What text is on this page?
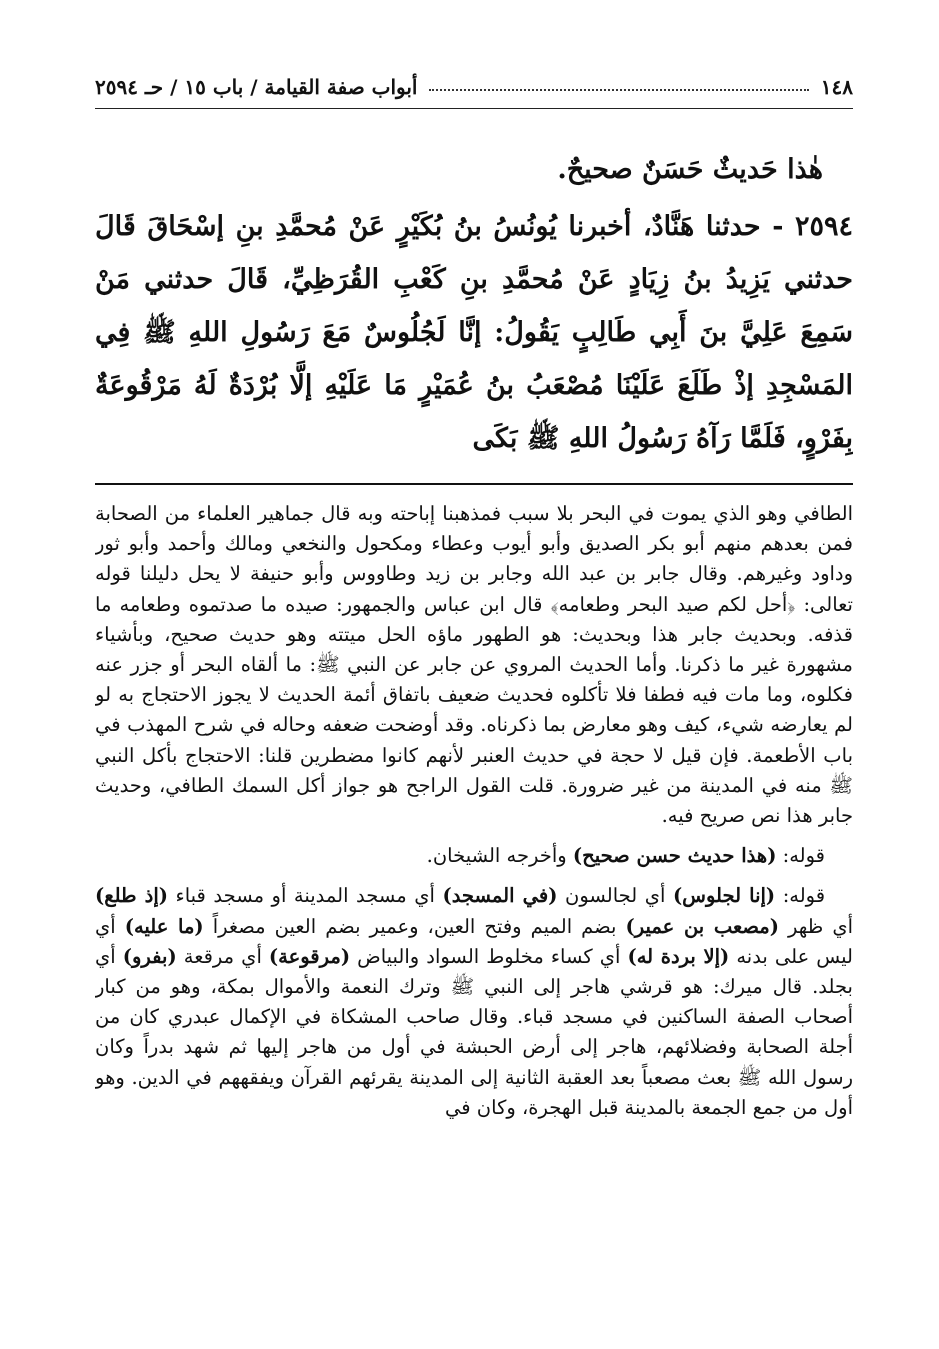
١٤٨
أبواب صفة القيامة / باب ١٥ / حـ ٢٥٩٤

هٰذا حَديثٌ حَسَنٌ صحيحٌ.

٢٥٩٤ - حدثنا هَنَّادٌ، أخبرنا يُونُسُ بنُ بُكَيْرٍ عَنْ مُحمَّدِ بنِ إسْحَاقَ قَالَ حدثني يَزِيدُ بنُ زِيَادٍ عَنْ مُحمَّدِ بنِ كَعْبِ القُرَظِيِّ، قَالَ حدثني مَنْ سَمِعَ عَلِيَّ بنَ أَبِي طَالِبٍ يَقُولُ: إنَّا لَجُلُوسٌ مَعَ رَسُولِ اللهِ ﷺ فِي المَسْجِدِ إذْ طَلَعَ عَلَيْنَا مُصْعَبُ بنُ عُمَيْرٍ مَا عَلَيْهِ إلَّا بُرْدَةٌ لَهُ مَرْقُوعَةٌ بِفَرْوٍ، فَلَمَّا رَآهُ رَسُولُ اللهِ ﷺ بَكَى

الطافي وهو الذي يموت في البحر بلا سبب فمذهبنا إباحته وبه قال جماهير العلماء من الصحابة فمن بعدهم منهم أبو بكر الصديق وأبو أيوب وعطاء ومكحول والنخعي ومالك وأحمد وأبو ثور وداود وغيرهم. وقال جابر بن عبد الله وجابر بن زيد وطاووس وأبو حنيفة لا يحل دليلنا قوله تعالى: ﴿أحل لكم صيد البحر وطعامه﴾ قال ابن عباس والجمهور: صيده ما صدتموه وطعامه ما قذفه. وبحديث جابر هذا وبحديث: هو الطهور ماؤه الحل ميتته وهو حديث صحيح، وبأشياء مشهورة غير ما ذكرنا. وأما الحديث المروي عن جابر عن النبي ﷺ: ما ألقاه البحر أو جزر عنه فكلوه، وما مات فيه فطفا فلا تأكلوه فحديث ضعيف باتفاق أئمة الحديث لا يجوز الاحتجاج به لو لم يعارضه شيء، كيف وهو معارض بما ذكرناه. وقد أوضحت ضعفه وحاله في شرح المهذب في باب الأطعمة. فإن قيل لا حجة في حديث العنبر لأنهم كانوا مضطرين قلنا: الاحتجاج بأكل النبي ﷺ منه في المدينة من غير ضرورة. قلت القول الراجح هو جواز أكل السمك الطافي، وحديث جابر هذا نص صريح فيه.

قوله: (هذا حديث حسن صحيح) وأخرجه الشيخان.

قوله: (إنا لجلوس) أي لجالسون (في المسجد) أي مسجد المدينة أو مسجد قباء (إذ طلع) أي ظهر (مصعب بن عمير) بضم الميم وفتح العين، وعمير بضم العين مصغراً (ما عليه) أي ليس على بدنه (إلا بردة له) أي كساء مخلوط السواد والبياض (مرقوعة) أي مرقعة (بفرو) أي بجلد. قال ميرك: هو قرشي هاجر إلى النبي ﷺ وترك النعمة والأموال بمكة، وهو من كبار أصحاب الصفة الساكنين في مسجد قباء. وقال صاحب المشكاة في الإكمال عبدري كان من أجلة الصحابة وفضلائهم، هاجر إلى أرض الحبشة في أول من هاجر إليها ثم شهد بدراً وكان رسول الله ﷺ بعث مصعباً بعد العقبة الثانية إلى المدينة يقرئهم القرآن ويفقههم في الدين. وهو أول من جمع الجمعة بالمدينة قبل الهجرة، وكان في
